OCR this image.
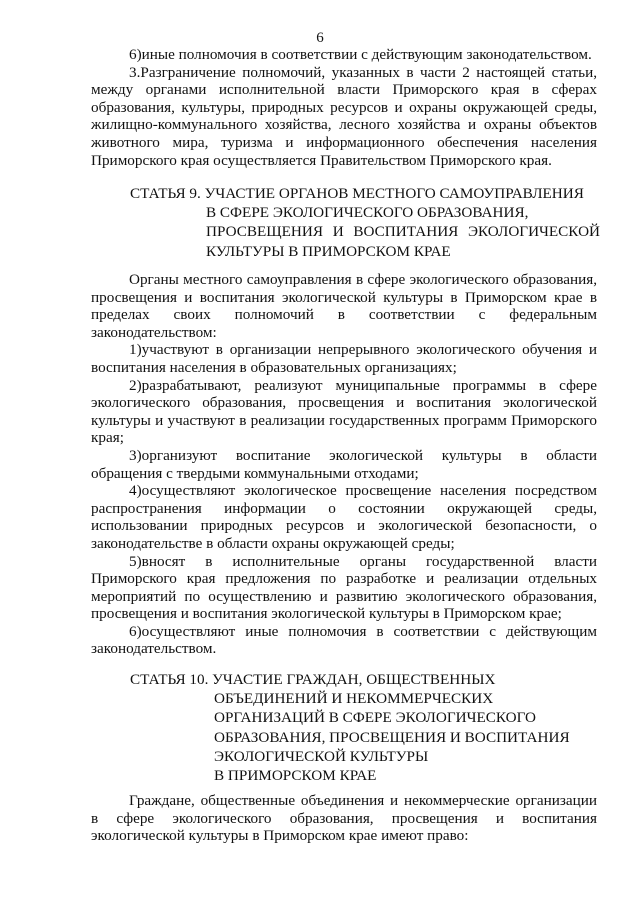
6

6)иные полномочия в соответствии с действующим законодательством.

3.Разграничение полномочий, указанных в части 2 настоящей статьи, между органами исполнительной власти Приморского края в сферах образования, культуры, природных ресурсов и охраны окружающей среды, жилищно-коммунального хозяйства, лесного хозяйства и охраны объектов животного мира, туризма и информационного обеспечения населения Приморского края осуществляется Правительством Приморского края.

СТАТЬЯ 9. УЧАСТИЕ ОРГАНОВ МЕСТНОГО САМОУПРАВЛЕНИЯ
В СФЕРЕ ЭКОЛОГИЧЕСКОГО ОБРАЗОВАНИЯ,
ПРОСВЕЩЕНИЯ И ВОСПИТАНИЯ ЭКОЛОГИЧЕСКОЙ
КУЛЬТУРЫ В ПРИМОРСКОМ КРАЕ

Органы местного самоуправления в сфере экологического образования, просвещения и воспитания экологической культуры в Приморском крае в пределах своих полномочий в соответствии с федеральным законодательством:

1)участвуют в организации непрерывного экологического обучения и воспитания населения в образовательных организациях;

2)разрабатывают, реализуют муниципальные программы в сфере экологического образования, просвещения и воспитания экологической культуры и участвуют в реализации государственных программ Приморского края;

3)организуют воспитание экологической культуры в области обращения с твердыми коммунальными отходами;

4)осуществляют экологическое просвещение населения посредством распространения информации о состоянии окружающей среды, использовании природных ресурсов и экологической безопасности, о законодательстве в области охраны окружающей среды;

5)вносят в исполнительные органы государственной власти Приморского края предложения по разработке и реализации отдельных мероприятий по осуществлению и развитию экологического образования, просвещения и воспитания экологической культуры в Приморском крае;

6)осуществляют иные полномочия в соответствии с действующим законодательством.

СТАТЬЯ 10. УЧАСТИЕ ГРАЖДАН, ОБЩЕСТВЕННЫХ
ОБЪЕДИНЕНИЙ И НЕКОММЕРЧЕСКИХ
ОРГАНИЗАЦИЙ В СФЕРЕ ЭКОЛОГИЧЕСКОГО
ОБРАЗОВАНИЯ, ПРОСВЕЩЕНИЯ И ВОСПИТАНИЯ
ЭКОЛОГИЧЕСКОЙ КУЛЬТУРЫ
В ПРИМОРСКОМ КРАЕ

Граждане, общественные объединения и некоммерческие организации в сфере экологического образования, просвещения и воспитания экологической культуры в Приморском крае имеют право:
